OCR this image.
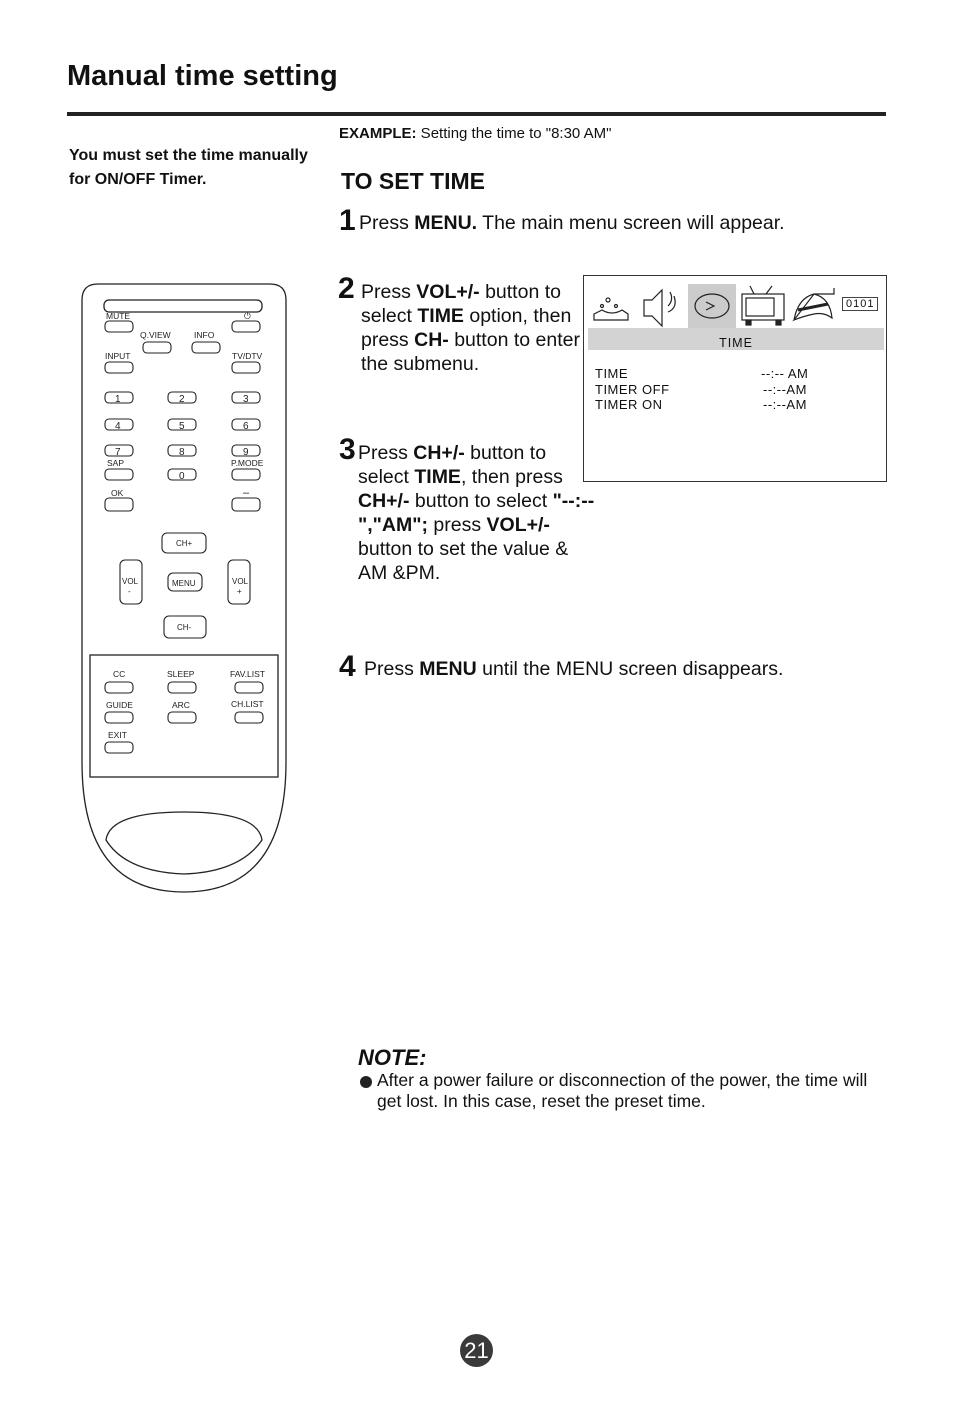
Manual time setting
EXAMPLE: Setting the time to "8:30 AM"
You must set the time manually
for ON/OFF Timer.	TO SET TIME
1 Press MENU. The main menu screen will appear.
2 Press VOL+/- button to select TIME option, then press CH- button to enter the submenu.
3 Press CH+/- button to select TIME, then press CH+/- button to select "--:--","AM"; press VOL+/- button to set the value & AM &PM.
4 Press MENU until the MENU screen disappears.
0101
TIME
TIME	--:-- AM
TIMER OFF	--:--AM
TIMER ON	--:--AM
MUTE	⏻
Q.VIEW	INFO
INPUT	TV/DTV
1	2	3
4	5	6
7	8	9
SAP
0
P.MODE
OK	–
CH+
VOL
-
MENU	VOL
+
CH-
CC	SLEEP	FAV.LIST
GUIDE	ARC	CH.LIST
EXIT
NOTE:
After a power failure or disconnection of the power, the time will get lost. In this case, reset the preset time.
21
